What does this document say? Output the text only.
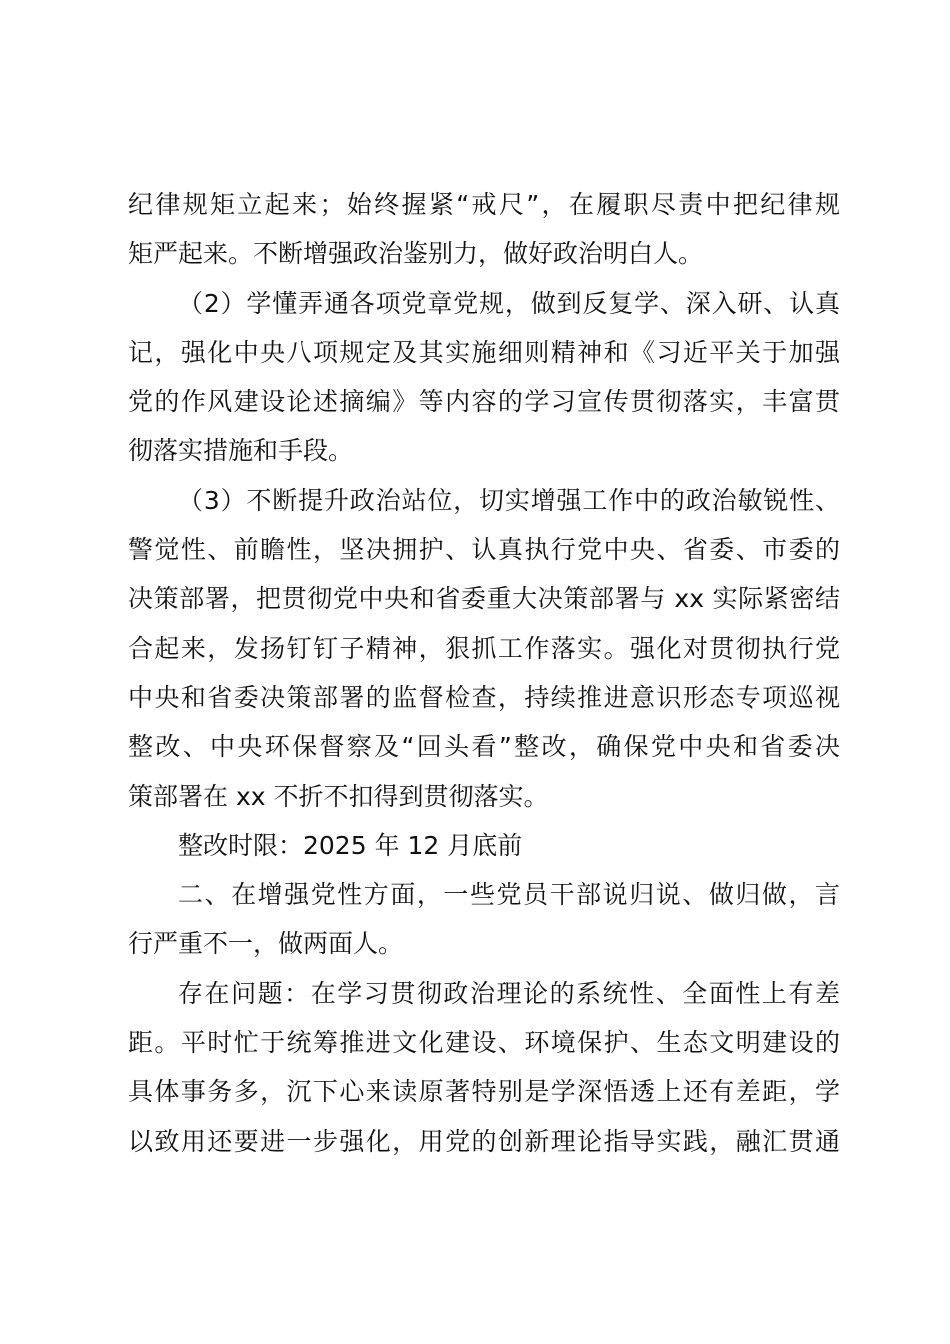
纪律规矩立起来；始终握紧“戒尺”，在履职尽责中把纪律规
矩严起来。不断增强政治鉴别力，做好政治明白人。
（2）学懂弄通各项党章党规，做到反复学、深入研、认真
记，强化中央八项规定及其实施细则精神和《习近平关于加强
党的作风建设论述摘编》等内容的学习宣传贯彻落实，丰富贯
彻落实措施和手段。
（3）不断提升政治站位，切实增强工作中的政治敏锐性、
警觉性、前瞻性，坚决拥护、认真执行党中央、省委、市委的
决策部署，把贯彻党中央和省委重大决策部署与 xx 实际紧密结
合起来，发扬钉钉子精神，狠抓工作落实。强化对贯彻执行党
中央和省委决策部署的监督检查，持续推进意识形态专项巡视
整改、中央环保督察及“回头看”整改，确保党中央和省委决
策部署在 xx 不折不扣得到贯彻落实。
整改时限：2025 年 12 月底前
二、在增强党性方面，一些党员干部说归说、做归做，言
行严重不一，做两面人。
存在问题：在学习贯彻政治理论的系统性、全面性上有差
距。平时忙于统筹推进文化建设、环境保护、生态文明建设的
具体事务多，沉下心来读原著特别是学深悟透上还有差距，学
以致用还要进一步强化，用党的创新理论指导实践，融汇贯通
